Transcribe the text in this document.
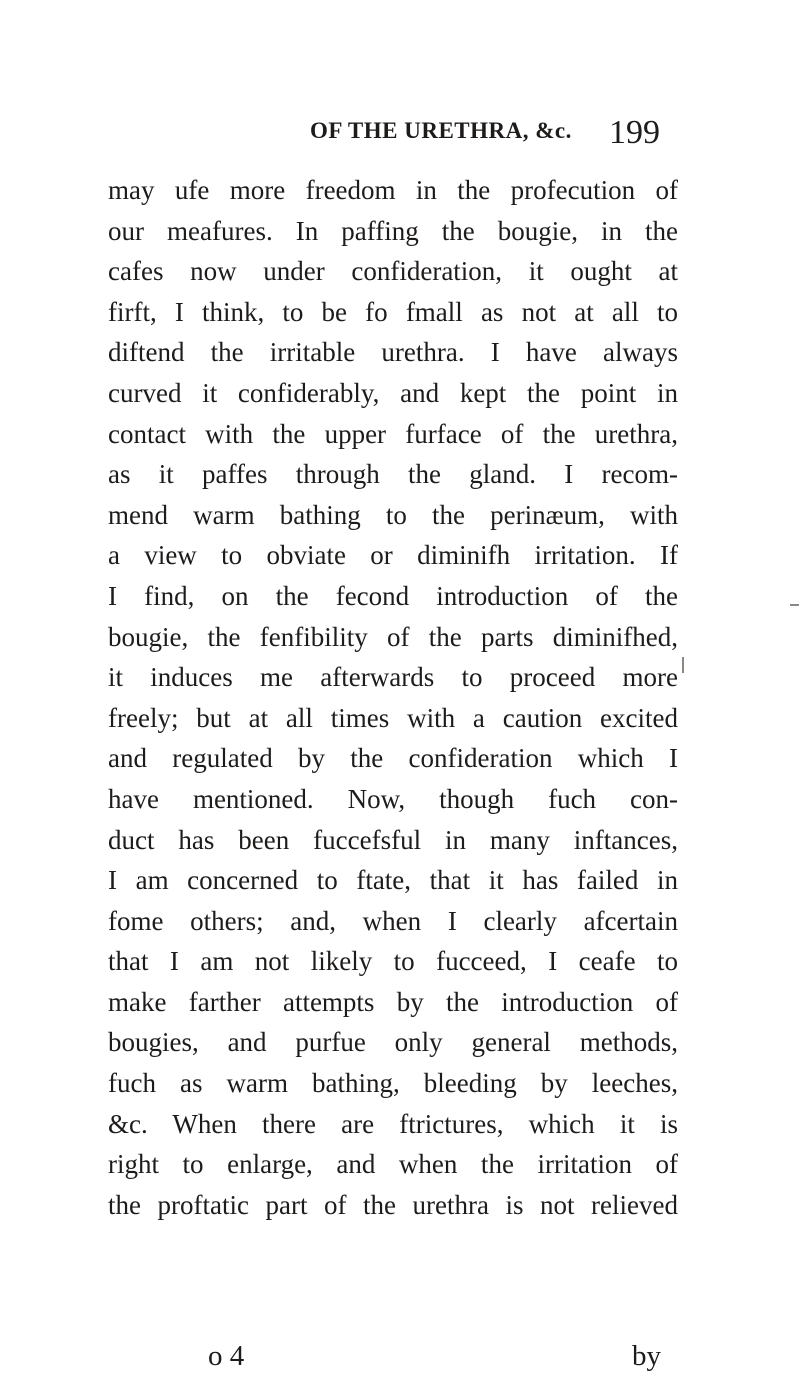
OF THE URETHRA, &c. 199
may ufe more freedom in the profecution of
our meafures. In paffing the bougie, in the
cafes now under confideration, it ought at
firft, I think, to be fo fmall as not at all to
diftend the irritable urethra. I have always
curved it confiderably, and kept the point in
contact with the upper furface of the urethra,
as it paffes through the gland. I recom-
mend warm bathing to the perinæum, with
a view to obviate or diminifh irritation. If
I find, on the fecond introduction of the
bougie, the fenfibility of the parts diminifhed,
it induces me afterwards to proceed more
freely; but at all times with a caution excited
and regulated by the confideration which I
have mentioned. Now, though fuch con-
duct has been fuccefsful in many inftances,
I am concerned to ftate, that it has failed in
fome others; and, when I clearly afcertain
that I am not likely to fucceed, I ceafe to
make farther attempts by the introduction of
bougies, and purfue only general methods,
fuch as warm bathing, bleeding by leeches,
&c. When there are ftrictures, which it is
right to enlarge, and when the irritation of
the proftatic part of the urethra is not relieved
o 4	by
